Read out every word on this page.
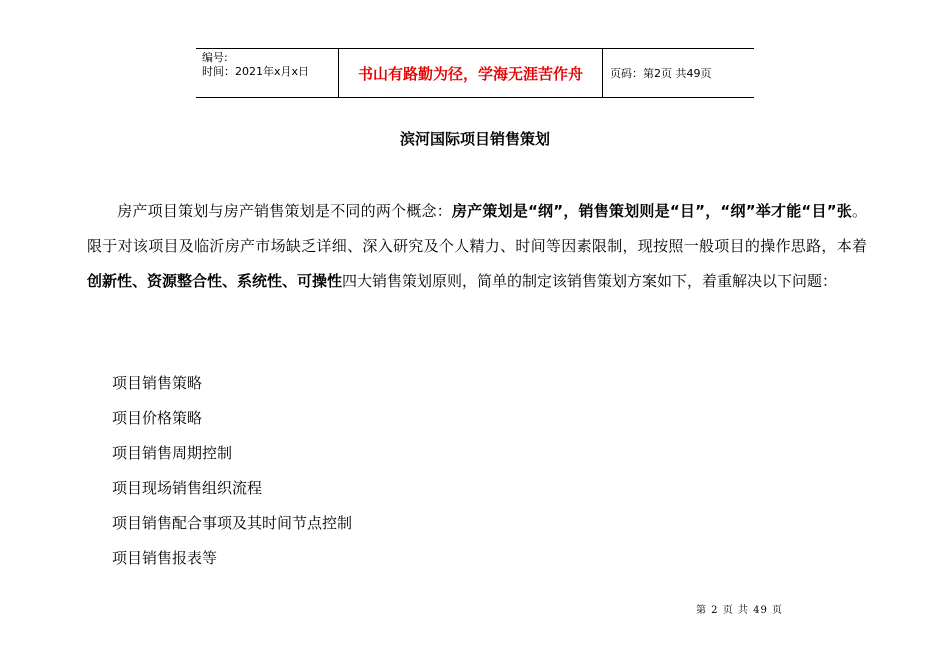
编号:
时间：2021年x月x日	书山有路勤为径，学海无涯苦作舟	页码：第2页 共49页
滨河国际项目销售策划
房产项目策划与房产销售策划是不同的两个概念：房产策划是“纲”，销售策划则是“目”，“纲”举才能“目”张。限于对该项目及临沂房产市场缺乏详细、深入研究及个人精力、时间等因素限制，现按照一般项目的操作思路，本着创新性、资源整合性、系统性、可操性四大销售策划原则，简单的制定该销售策划方案如下，着重解决以下问题：
项目销售策略
项目价格策略
项目销售周期控制
项目现场销售组织流程
项目销售配合事项及其时间节点控制
项目销售报表等
第 2 页 共 49 页
